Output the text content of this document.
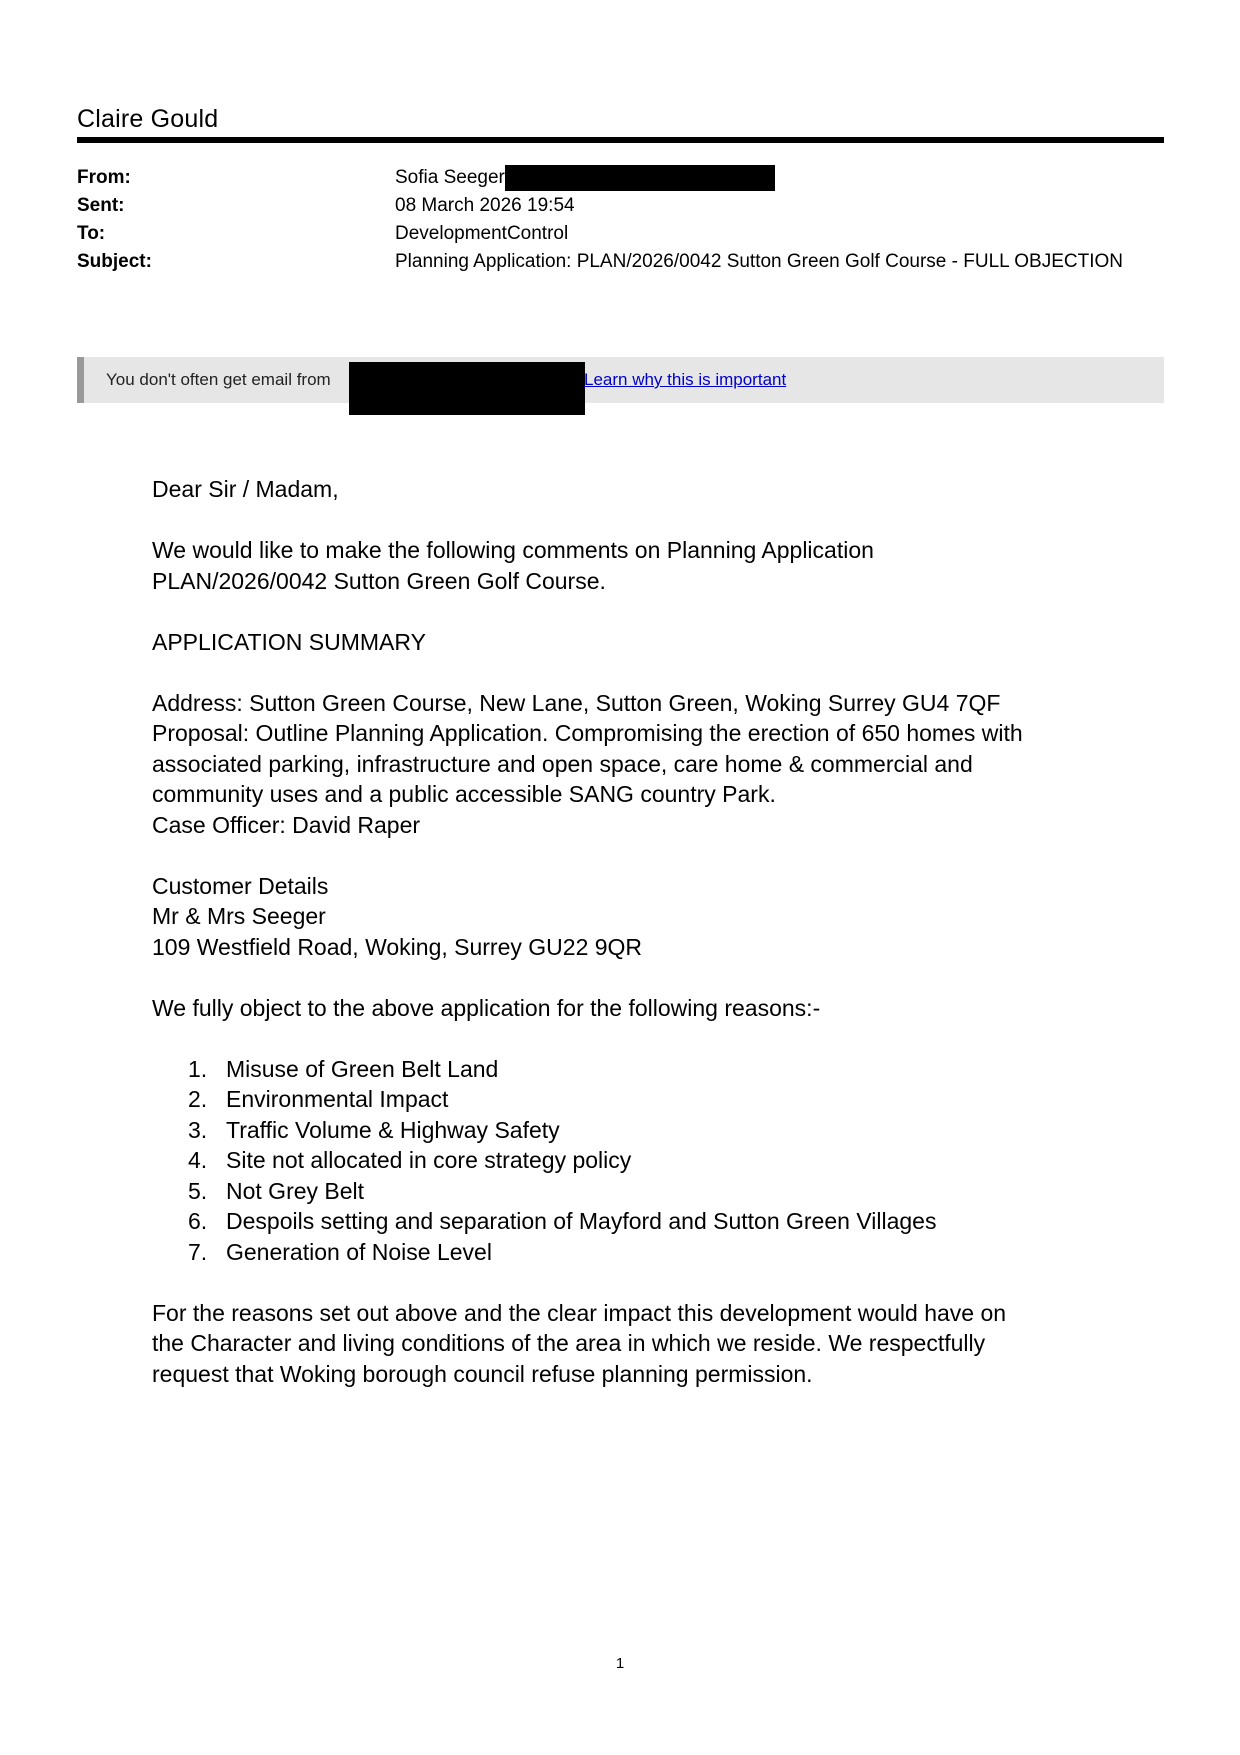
Claire Gould
From:	Sofia Seeger
Sent:	08 March 2026 19:54
To:	DevelopmentControl
Subject:	Planning Application: PLAN/2026/0042 Sutton Green Golf Course - FULL OBJECTION
You don't often get email from	Learn why this is important

Dear Sir / Madam,

We would like to make the following comments on Planning Application
PLAN/2026/0042 Sutton Green Golf Course.

APPLICATION SUMMARY

Address: Sutton Green Course, New Lane, Sutton Green, Woking Surrey GU4 7QF
Proposal: Outline Planning Application. Compromising the erection of 650 homes with
associated parking, infrastructure and open space, care home & commercial and
community uses and a public accessible SANG country Park.
Case Officer: David Raper

Customer Details
Mr & Mrs Seeger
109 Westfield Road, Woking, Surrey GU22 9QR

We fully object to the above application for the following reasons:-

1. Misuse of Green Belt Land
2. Environmental Impact
3. Traffic Volume & Highway Safety
4. Site not allocated in core strategy policy
5. Not Grey Belt
6. Despoils setting and separation of Mayford and Sutton Green Villages
7. Generation of Noise Level

For the reasons set out above and the clear impact this development would have on
the Character and living conditions of the area in which we reside. We respectfully
request that Woking borough council refuse planning permission.

1
